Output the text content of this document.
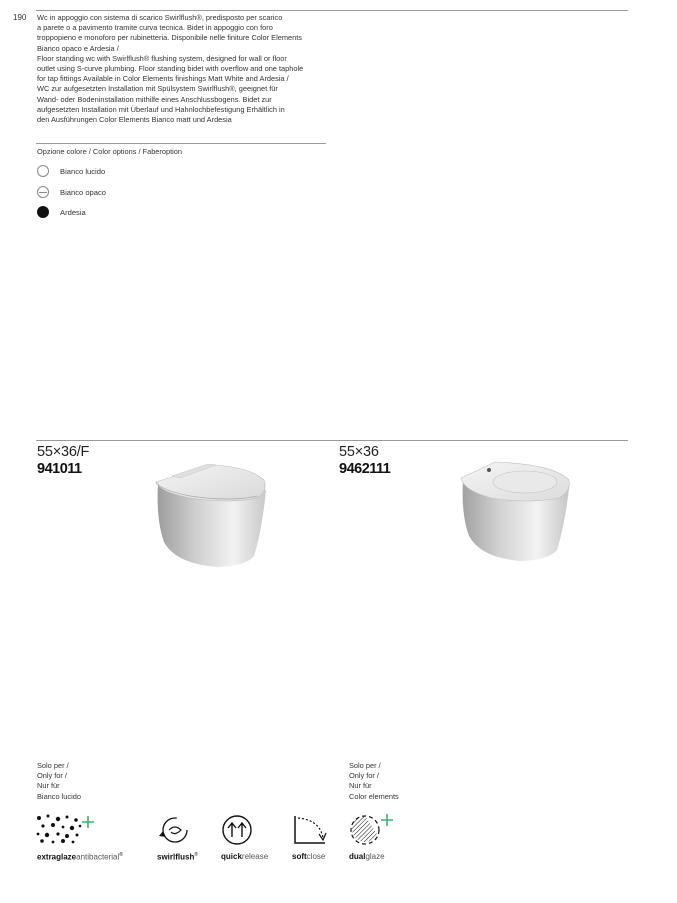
190 Wc in appoggio con sistema di scarico Swirlflush®, predisposto per scarico
a parete o a pavimento tramite curva tecnica. Bidet in appoggio con foro
troppopieno e monoforo per rubinetteria. Disponibile nelle finiture Color Elements
Bianco opaco e Ardesia /
Floor standing wc with Swirlflush® flushing system, designed for wall or floor
outlet using S-curve plumbing. Floor standing bidet with overflow and one taphole
for tap fittings Available in Color Elements finishings Matt White and Ardesia /
WC zur aufgesetzten Installation mit Spülsystem Swirlflush®, geeignet für
Wand- oder Bodeninstallation mithilfe eines Anschlussbogens. Bidet zur
aufgesetzten Installation mit Überlauf und Hahnlochbefestigung Erhältlich in
den Ausführungen Color Elements Bianco matt und Ardesia
Opzione colore / Color options / Faberoption
Bianco lucido
Bianco opaco
Ardesia
55×36/F
941011
Solo per /
Only for /
Nur für
Bianco lucido
55×36
9462111
Solo per /
Only for /
Nur für
Color elements
extraglazeantibacterial®	swirlflush®	quickrelease	softclose	dualglaze
